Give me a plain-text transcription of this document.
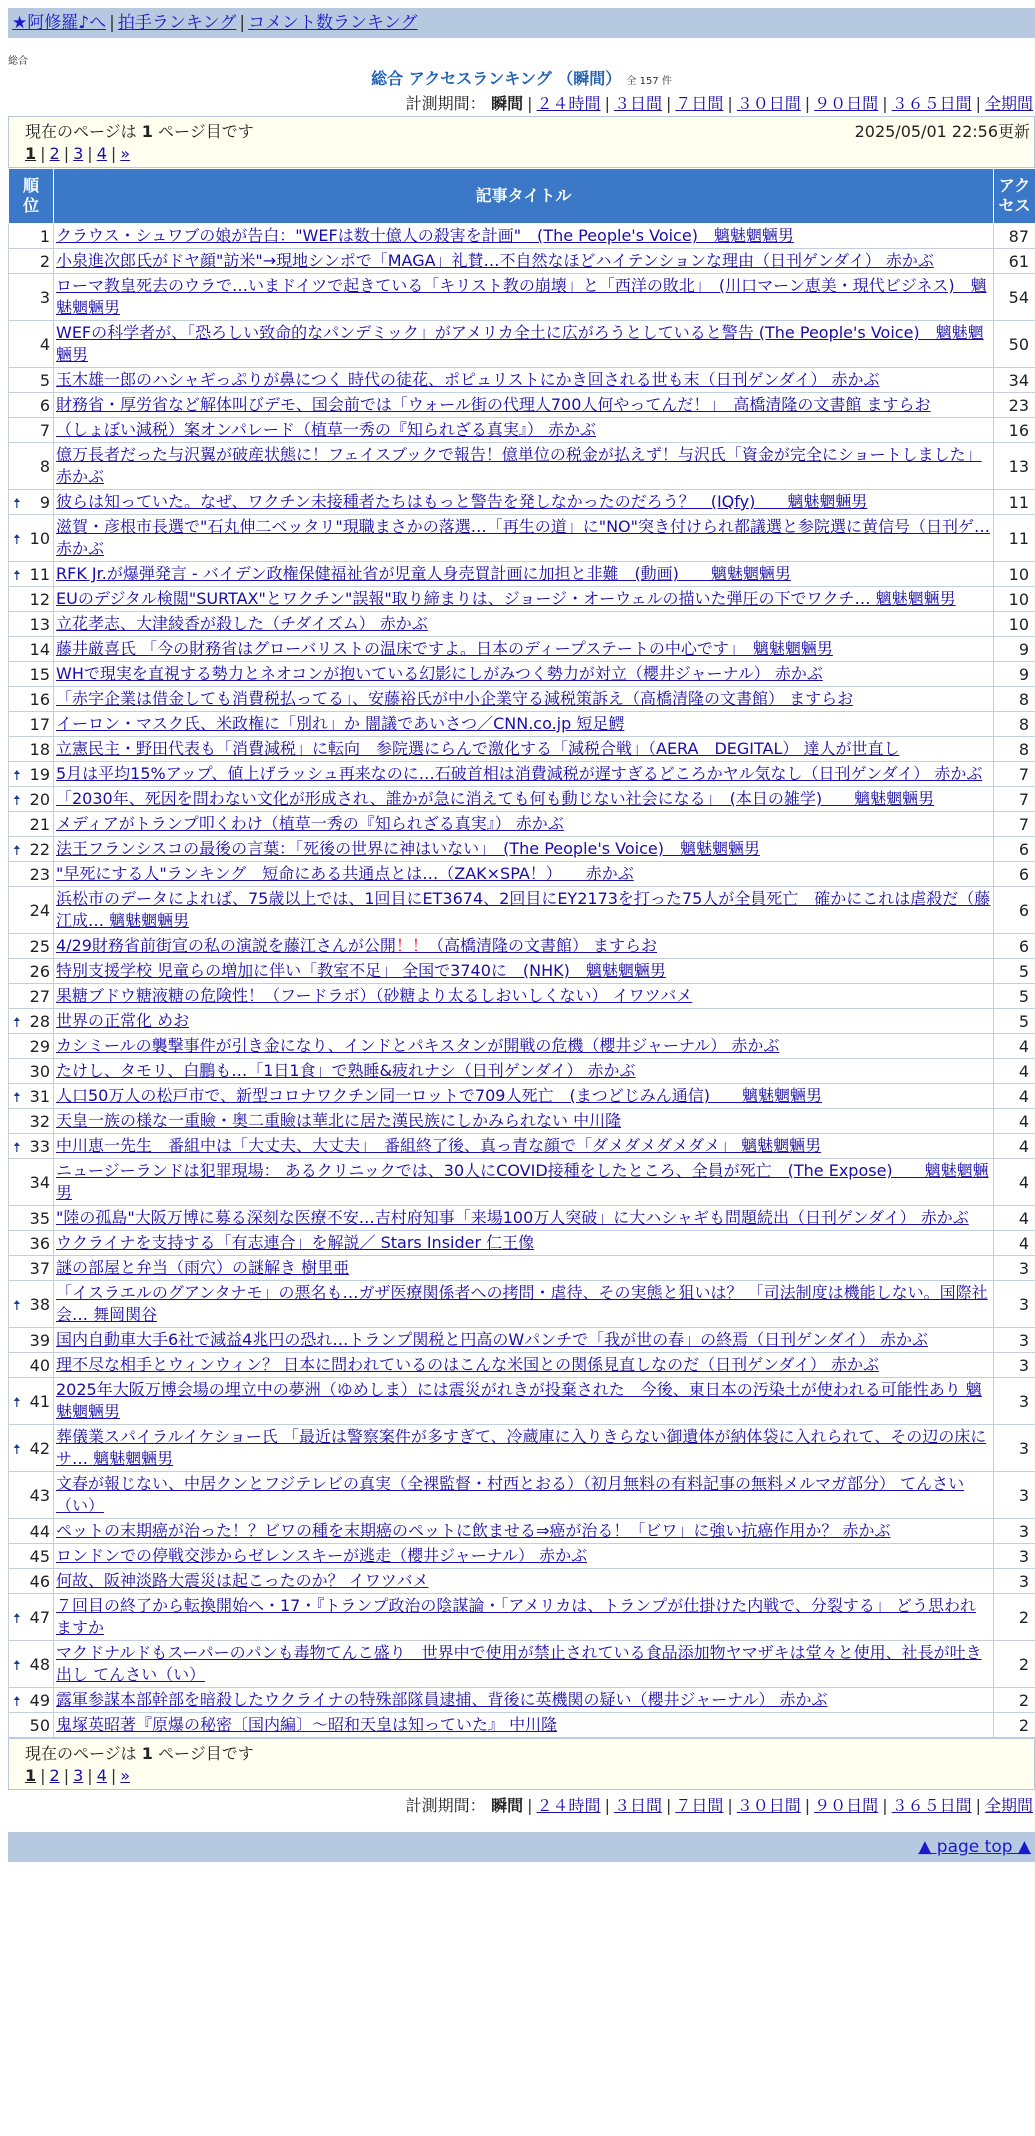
★阿修羅♪へ | 拍手ランキング | コメント数ランキング
総合
総合 アクセスランキング （瞬間） 全 157 件
計測期間： 瞬間 | ２４時間 | ３日間 | ７日間 | ３０日間 | ９０日間 | ３６５日間 | 全期間
現在のページは 1 ページ目です	2025/05/01 22:56更新
1 | 2 | 3 | 4 | »
順
位	記事タイトル	アク
セス
1	クラウス・シュワブの娘が告白："WEFは数十億人の殺害を計画"　(The People's Voice)　魑魅魍魎男	87
2	小泉進次郎氏がドヤ顔"訪米"→現地シンポで「MAGA」礼賛…不自然なほどハイテンションな理由（日刊ゲンダイ） 赤かぶ	61
3	ローマ教皇死去のウラで…いまドイツで起きている「キリスト教の崩壊」と「西洋の敗北」　(川口マーン恵美・現代ビジネス)　魑魅魍魎男	54
4	WEFの科学者が、「恐ろしい致命的なパンデミック」がアメリカ全土に広がろうとしていると警告 (The People's Voice)　魑魅魍魎男	50
5	玉木雄一郎のハシャギっぷりが鼻につく 時代の徒花、ポピュリストにかき回される世も末（日刊ゲンダイ） 赤かぶ	34
6	財務省・厚労省など解体叫びデモ、国会前では「ウォール街の代理人700人何やってんだ！」　高橋清隆の文書館 ますらお	23
7	（しょぼい減税）案オンパレード（植草一秀の『知られざる真実』） 赤かぶ	16
8	億万長者だった与沢翼が破産状態に！フェイスブックで報告！億単位の税金が払えず！与沢氏「資金が完全にショートしました」 赤かぶ	13

🠅 9	彼らは知っていた。なぜ、ワクチン未接種者たちはもっと警告を発しなかったのだろう？　(IQfy)　　魑魅魍魎男	11

🠅 10	滋賀・彦根市長選で"石丸伸二ベッタリ"現職まさかの落選…「再生の道」に"NO"突き付けられ都議選と参院選に黄信号（日刊ゲ… 赤かぶ	11

🠅 11	RFK Jr.が爆弾発言 - バイデン政権保健福祉省が児童人身売買計画に加担と非難　(動画)　　魑魅魍魎男	10
12	EUのデジタル検閲"SURTAX"とワクチン"誤報"取り締まりは、ジョージ・オーウェルの描いた弾圧の下でワクチ… 魑魅魍魎男	10
13	立花孝志、大津綾香が殺した（チダイズム） 赤かぶ	10
14	藤井厳喜氏 「今の財務省はグローバリストの温床ですよ。日本のディープステートの中心です」　魑魅魍魎男	9
15	WHで現実を直視する勢力とネオコンが抱いている幻影にしがみつく勢力が対立（櫻井ジャーナル） 赤かぶ	9
16	「赤字企業は借金しても消費税払ってる」、安藤裕氏が中小企業守る減税策訴え（高橋清隆の文書館） ますらお	8
17	イーロン・マスク氏、米政権に「別れ」か 闇議であいさつ／CNN.co.jp 短足鰐	8
18	立憲民主・野田代表も「消費減税」に転向　参院選にらんで激化する「減税合戦」（AERA　DEGITAL） 達人が世直し	8

🠅 19	5月は平均15%アップ、値上げラッシュ再来なのに…石破首相は消費減税が遅すぎるどころかヤル気なし（日刊ゲンダイ） 赤かぶ	7

🠅 20	「2030年、死因を問わない文化が形成され、誰かが急に消えても何も動じない社会になる」　(本日の雑学)　　魑魅魍魎男	7
21	メディアがトランプ叩くわけ（植草一秀の『知られざる真実』） 赤かぶ	7

🠅 22	法王フランシスコの最後の言葉：「死後の世界に神はいない」　(The People's Voice)　魑魅魍魎男	6
23	"早死にする人"ランキング　短命にある共通点とは…（ZAK×SPA！）　　赤かぶ	6
24	浜松市のデータによれば、75歳以上では、1回目にET3674、2回目にEY2173を打った75人が全員死亡　確かにこれは虐殺だ（藤江成… 魑魅魍魎男	6
25	4/29財務省前街宣の私の演説を藤江さんが公開！！（高橋清隆の文書館） ますらお	6
26	特別支援学校 児童らの増加に伴い「教室不足」 全国で3740に　(NHK)　魑魅魍魎男	5
27	果糖ブドウ糖液糖の危険性！（フードラボ）（砂糖より太るしおいしくない） イワツバメ	5

🠅 28	世界の正常化 めお	5
29	カシミールの襲撃事件が引き金になり、インドとパキスタンが開戦の危機（櫻井ジャーナル） 赤かぶ	4
30	たけし、タモリ、白鵬も…「1日1食」で熟睡&疲れナシ（日刊ゲンダイ） 赤かぶ	4

🠅 31	人口50万人の松戸市で、新型コロナワクチン同一ロットで709人死亡　(まつどじみん通信)　　魑魅魍魎男	4
32	天皇一族の様な一重瞼・奥二重瞼は華北に居た漢民族にしかみられない 中川隆	4

🠅 33	中川恵一先生　番組中は「大丈夫、大丈夫」　番組終了後、真っ青な顔で「ダメダメダメダメ」 魑魅魍魎男	4
34	ニュージーランドは犯罪現場： あるクリニックでは、30人にCOVID接種をしたところ、全員が死亡　(The Expose)　　魑魅魍魎男	4
35	"陸の孤島"大阪万博に募る深刻な医療不安…吉村府知事「来場100万人突破」に大ハシャギも問題続出（日刊ゲンダイ） 赤かぶ	4
36	ウクライナを支持する「有志連合」を解説／ Stars Insider 仁王像	4
37	謎の部屋と弁当（雨穴）の謎解き 樹里亜	3

🠅 38	「イスラエルのグアンタナモ」の悪名も…ガザ医療関係者への拷問・虐待、その実態と狙いは？ 「司法制度は機能しない。国際社会… 舞岡関谷	3
39	国内自動車大手6社で減益4兆円の恐れ…トランプ関税と円高のWパンチで「我が世の春」の終焉（日刊ゲンダイ） 赤かぶ	3
40	理不尽な相手とウィンウィン？ 日本に問われているのはこんな米国との関係見直しなのだ（日刊ゲンダイ） 赤かぶ	3

🠅 41	2025年大阪万博会場の埋立中の夢洲（ゆめしま）には震災がれきが投棄された　今後、東日本の汚染土が使われる可能性あり 魑魅魍魎男	3

🠅 42	葬儀業スパイラルイケショー氏 「最近は警察案件が多すぎて、冷蔵庫に入りきらない御遺体が納体袋に入れられて、その辺の床にサ… 魑魅魍魎男	3
43	文春が報じない、中居クンとフジテレビの真実（全裸監督・村西とおる）（初月無料の有料記事の無料メルマガ部分） てんさい（い）	3
44	ペットの末期癌が治った！？ビワの種を末期癌のペットに飲ませる⇒癌が治る！「ビワ」に強い抗癌作用か？ 赤かぶ	3
45	ロンドンでの停戦交渉からゼレンスキーが逃走（櫻井ジャーナル） 赤かぶ	3
46	何故、阪神淡路大震災は起こったのか？ イワツバメ	3

🠅 47	７回目の終了から転換開始へ・17・『トランプ政治の陰謀論・「アメリカは、トランプが仕掛けた内戦で、分裂する」 どう思われますか	2

🠅 48	マクドナルドもスーパーのパンも毒物てんこ盛り　世界中で使用が禁止されている食品添加物ヤマザキは堂々と使用、社長が吐き出し てんさい（い）	2

🠅 49	露軍参謀本部幹部を暗殺したウクライナの特殊部隊員逮捕、背後に英機関の疑い（櫻井ジャーナル） 赤かぶ	2
50	鬼塚英昭著『原爆の秘密〔国内編〕～昭和天皇は知っていた』 中川隆	2
現在のページは 1 ページ目です
1 | 2 | 3 | 4 | »
計測期間： 瞬間 | ２４時間 | ３日間 | ７日間 | ３０日間 | ９０日間 | ３６５日間 | 全期間
▲ page top ▲
